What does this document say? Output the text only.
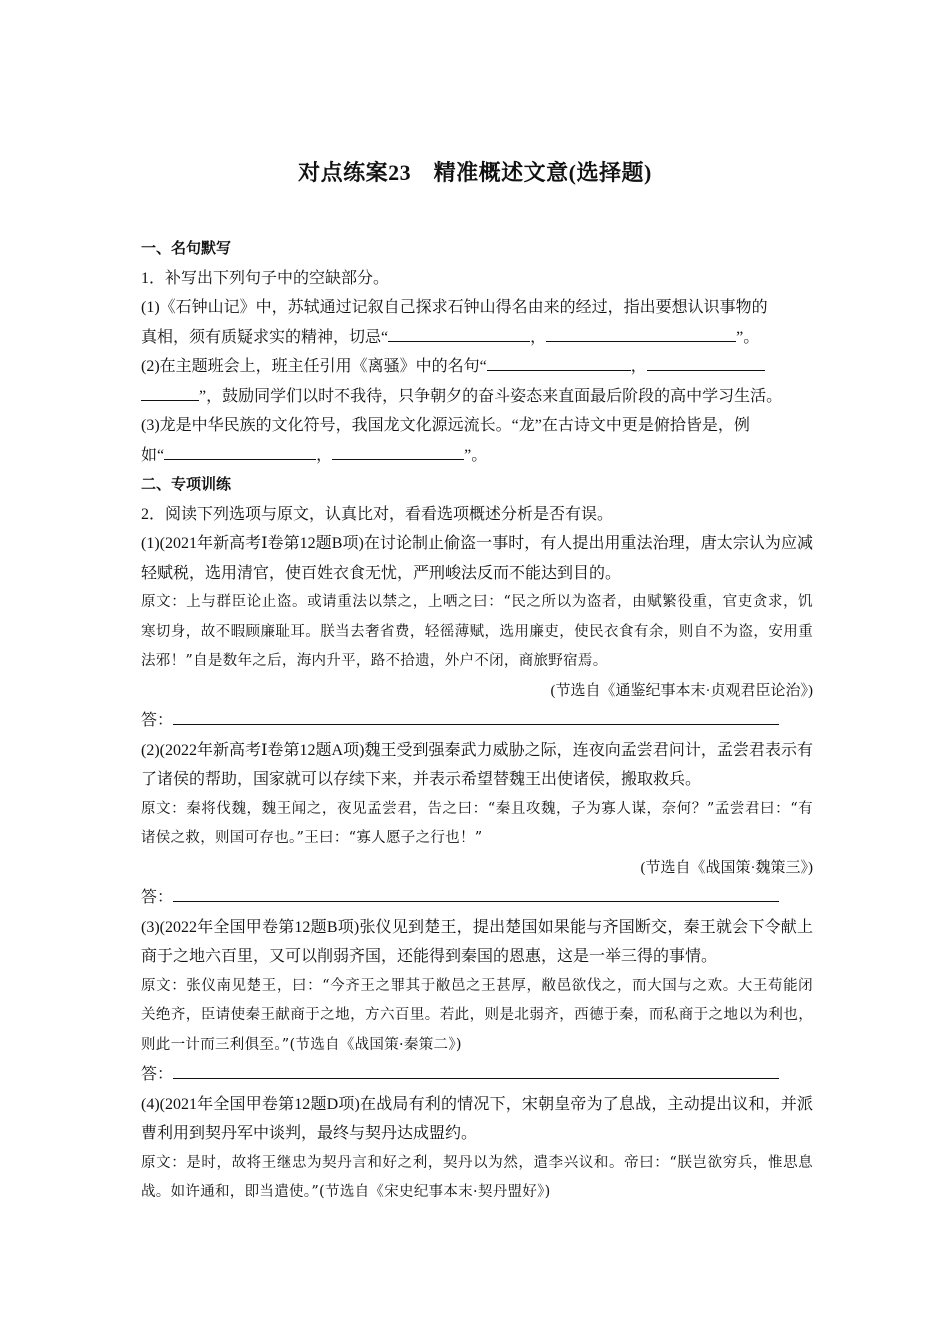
对点练案23　精准概述文意(选择题)
一、名句默写

1．补写出下列句子中的空缺部分。

(1)《石钟山记》中，苏轼通过记叙自己探求石钟山得名由来的经过，指出要想认识事物的
真相，须有质疑求实的精神，切忌“	，	”。

(2)在主题班会上，班主任引用《离骚》中的名句“	，
”，鼓励同学们以时不我待，只争朝夕的奋斗姿态来直面最后阶段的高中学习生活。

(3)龙是中华民族的文化符号，我国龙文化源远流长。“龙”在古诗文中更是俯拾皆是，例
如“	，	”。

二、专项训练

2．阅读下列选项与原文，认真比对，看看选项概述分析是否有误。

(1)(2021年新高考Ⅰ卷第12题B项)在讨论制止偷盗一事时，有人提出用重法治理，唐太宗认为应减轻赋税，选用清官，使百姓衣食无忧，严刑峻法反而不能达到目的。

原文：上与群臣论止盗。或请重法以禁之，上哂之曰：“民之所以为盗者，由赋繁役重，官吏贪求，饥寒切身，故不暇顾廉耻耳。朕当去奢省费，轻徭薄赋，选用廉吏，使民衣食有余，则自不为盗，安用重法邪！”自是数年之后，海内升平，路不拾遗，外户不闭，商旅野宿焉。

(节选自《通鉴纪事本末·贞观君臣论治》)

答：

(2)(2022年新高考Ⅰ卷第12题A项)魏王受到强秦武力威胁之际，连夜向孟尝君问计，孟尝君表示有了诸侯的帮助，国家就可以存续下来，并表示希望替魏王出使诸侯，搬取救兵。

原文：秦将伐魏，魏王闻之，夜见孟尝君，告之曰：“秦且攻魏，子为寡人谋，奈何？”孟尝君曰：“有诸侯之救，则国可存也。”王曰：“寡人愿子之行也！”

(节选自《战国策·魏策三》)

答：

(3)(2022年全国甲卷第12题B项)张仪见到楚王，提出楚国如果能与齐国断交，秦王就会下令献上商于之地六百里，又可以削弱齐国，还能得到秦国的恩惠，这是一举三得的事情。

原文：张仪南见楚王，曰：“今齐王之罪其于敝邑之王甚厚，敝邑欲伐之，而大国与之欢。大王苟能闭关绝齐，臣请使秦王献商于之地，方六百里。若此，则是北弱齐，西德于秦，而私商于之地以为利也，则此一计而三利俱至。”(节选自《战国策·秦策二》)

答：

(4)(2021年全国甲卷第12题D项)在战局有利的情况下，宋朝皇帝为了息战，主动提出议和，并派曹利用到契丹军中谈判，最终与契丹达成盟约。

原文：是时，故将王继忠为契丹言和好之利，契丹以为然，遣李兴议和。帝曰：“朕岂欲穷兵，惟思息战。如许通和，即当遣使。”(节选自《宋史纪事本末·契丹盟好》)
